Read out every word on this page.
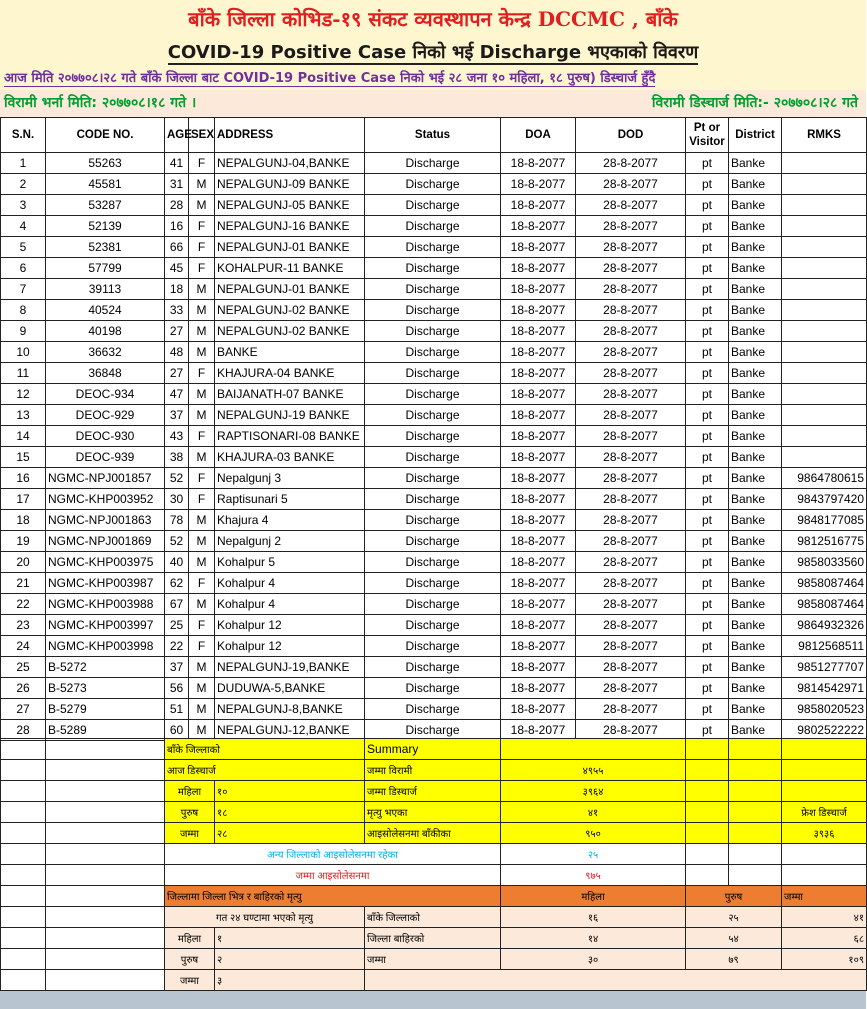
बाँके जिल्ला कोभिड-१९ संकट व्यवस्थापन केन्द्र DCCMC , बाँके
COVID-19 Positive Case निको भई Discharge भएकाको विवरण
आज मिति २०७७०८।२८ गते बाँके जिल्ला बाट COVID-19 Positive Case निको भई २८ जना १० महिला, १८ पुरुष) डिस्चार्ज हुँदै
विरामी भर्ना मिति: २०७७०८।१८ गते ।	विरामी डिस्चार्ज मिति:- २०७७०८।२८ गते
S.N.	CODE NO.	AGE	SEX	ADDRESS	Status	DOA	DOD	Pt or Visitor	District	RMKS
1	55263	41	F	NEPALGUNJ-04,BANKE	Discharge	18-8-2077	28-8-2077	pt	Banke	
2	45581	31	M	NEPALGUNJ-09 BANKE	Discharge	18-8-2077	28-8-2077	pt	Banke	
3	53287	28	M	NEPALGUNJ-05 BANKE	Discharge	18-8-2077	28-8-2077	pt	Banke	
4	52139	16	F	NEPALGUNJ-16 BANKE	Discharge	18-8-2077	28-8-2077	pt	Banke	
5	52381	66	F	NEPALGUNJ-01 BANKE	Discharge	18-8-2077	28-8-2077	pt	Banke	
6	57799	45	F	KOHALPUR-11 BANKE	Discharge	18-8-2077	28-8-2077	pt	Banke	
7	39113	18	M	NEPALGUNJ-01 BANKE	Discharge	18-8-2077	28-8-2077	pt	Banke	
8	40524	33	M	NEPALGUNJ-02 BANKE	Discharge	18-8-2077	28-8-2077	pt	Banke	
9	40198	27	M	NEPALGUNJ-02 BANKE	Discharge	18-8-2077	28-8-2077	pt	Banke	
10	36632	48	M	BANKE	Discharge	18-8-2077	28-8-2077	pt	Banke	
11	36848	27	F	KHAJURA-04 BANKE	Discharge	18-8-2077	28-8-2077	pt	Banke	
12	DEOC-934	47	M	BAIJANATH-07 BANKE	Discharge	18-8-2077	28-8-2077	pt	Banke	
13	DEOC-929	37	M	NEPALGUNJ-19 BANKE	Discharge	18-8-2077	28-8-2077	pt	Banke	
14	DEOC-930	43	F	RAPTISONARI-08 BANKE	Discharge	18-8-2077	28-8-2077	pt	Banke	
15	DEOC-939	38	M	KHAJURA-03 BANKE	Discharge	18-8-2077	28-8-2077	pt	Banke	
16	NGMC-NPJ001857	52	F	Nepalgunj 3	Discharge	18-8-2077	28-8-2077	pt	Banke	9864780615
17	NGMC-KHP003952	30	F	Raptisunari 5	Discharge	18-8-2077	28-8-2077	pt	Banke	9843797420
18	NGMC-NPJ001863	78	M	Khajura 4	Discharge	18-8-2077	28-8-2077	pt	Banke	9848177085
19	NGMC-NPJ001869	52	M	Nepalgunj 2	Discharge	18-8-2077	28-8-2077	pt	Banke	9812516775
20	NGMC-KHP003975	40	M	Kohalpur 5	Discharge	18-8-2077	28-8-2077	pt	Banke	9858033560
21	NGMC-KHP003987	62	F	Kohalpur 4	Discharge	18-8-2077	28-8-2077	pt	Banke	9858087464
22	NGMC-KHP003988	67	M	Kohalpur 4	Discharge	18-8-2077	28-8-2077	pt	Banke	9858087464
23	NGMC-KHP003997	25	F	Kohalpur 12	Discharge	18-8-2077	28-8-2077	pt	Banke	9864932326
24	NGMC-KHP003998	22	F	Kohalpur 12	Discharge	18-8-2077	28-8-2077	pt	Banke	9812568511
25	B-5272	37	M	NEPALGUNJ-19,BANKE	Discharge	18-8-2077	28-8-2077	pt	Banke	9851277707
26	B-5273	56	M	DUDUWA-5,BANKE	Discharge	18-8-2077	28-8-2077	pt	Banke	9814542971
27	B-5279	51	M	NEPALGUNJ-8,BANKE	Discharge	18-8-2077	28-8-2077	pt	Banke	9858020523
28	B-5289	60	M	NEPALGUNJ-12,BANKE	Discharge	18-8-2077	28-8-2077	pt	Banke	9802522222
		बाँके जिल्लाको		Summary				
		आज डिस्चार्ज		जम्मा विरामी	४९५५			
		महिला	१०	जम्मा डिस्चार्ज	३९६४			
		पुरुष	१८	मृत्यु भएका	४१			फ्रेश डिस्चार्ज
		जम्मा	२८	आइसोलेसनमा बाँकीका	९५०			३९३६
		अन्य जिल्लाको आइसोलेसनमा रहेका			२५			
		जम्मा आइसोलेसनमा			९७५			
		जिल्लामा जिल्ला भित्र र बाहिरको मृत्यु			महिला	पुरुष		जम्मा
		गत २४ घण्टामा भएको मृत्यु		बाँके जिल्लाको	१६	२५		४१
		महिला	१	जिल्ला बाहिरको	१४	५४		६८
		पुरुष	२	जम्मा	३०	७९		१०९
		जम्मा	३					
